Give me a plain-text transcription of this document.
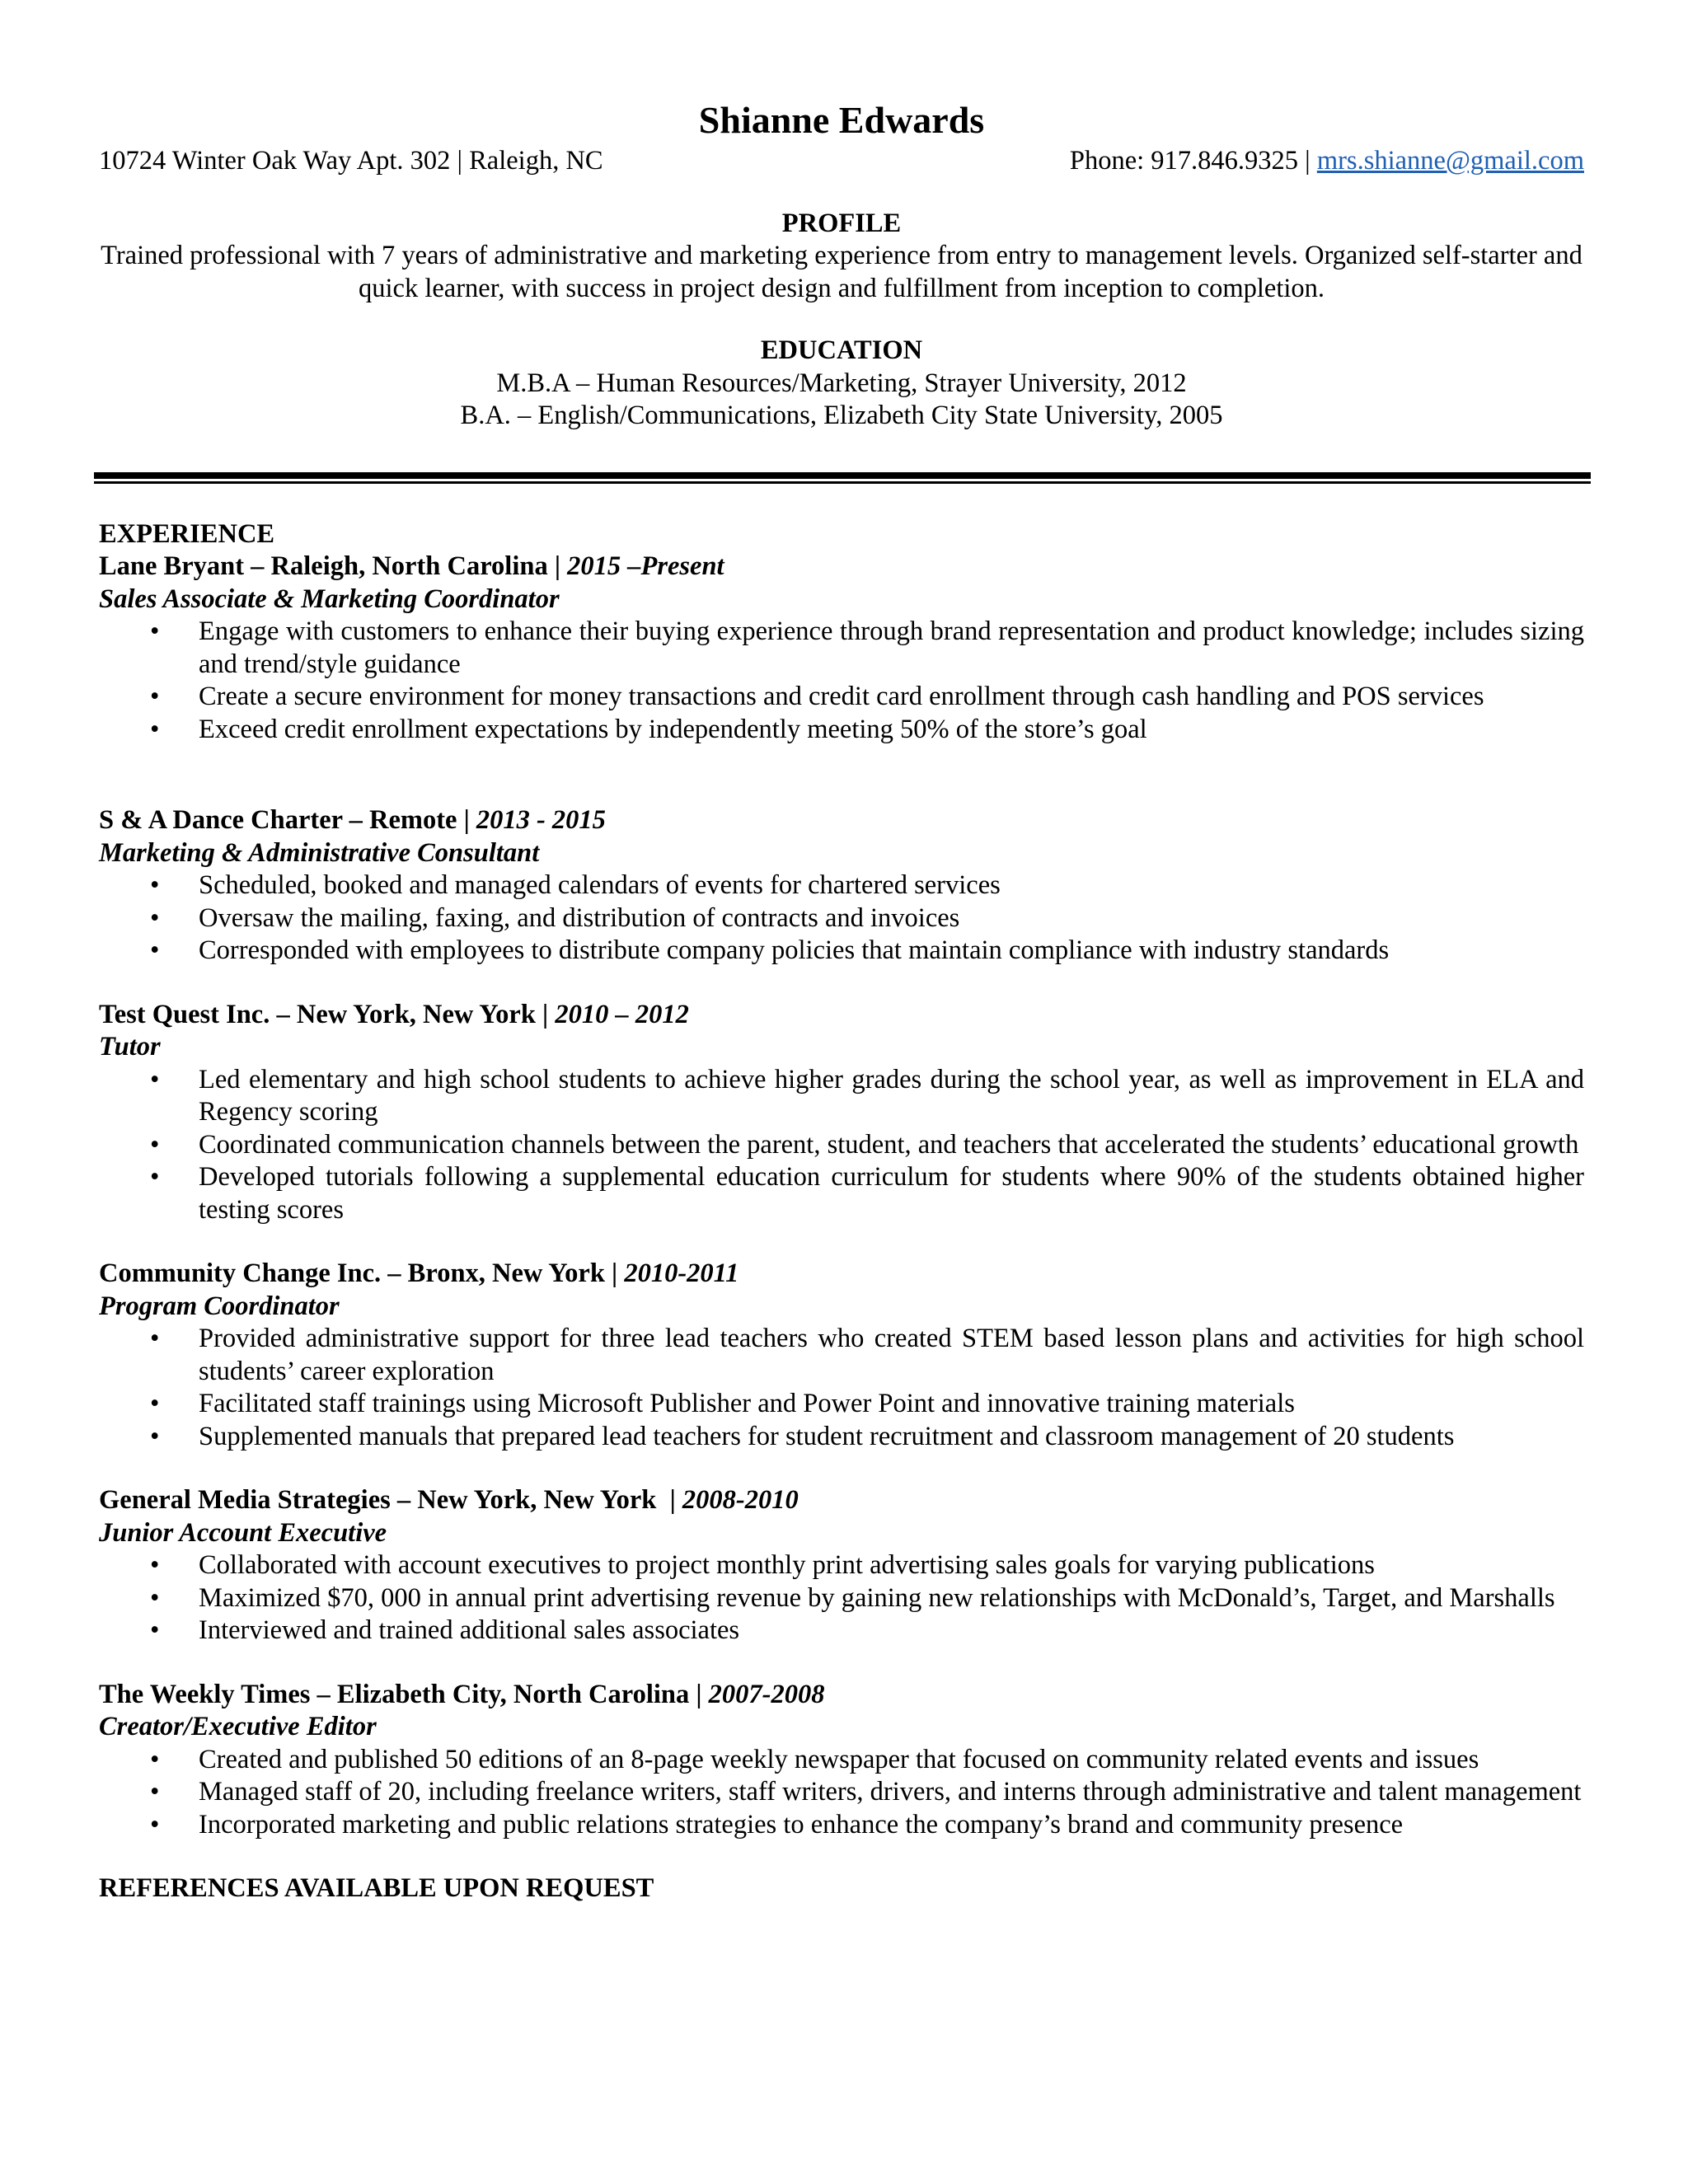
Shianne Edwards
10724 Winter Oak Way Apt. 302 | Raleigh, NC	Phone: 917.846.9325 | mrs.shianne@gmail.com
PROFILE

Trained professional with 7 years of administrative and marketing experience from entry to management levels. Organized self-starter and quick learner, with success in project design and fulfillment from inception to completion.

EDUCATION

M.B.A – Human Resources/Marketing, Strayer University, 2012

B.A. – English/Communications, Elizabeth City State University, 2005

EXPERIENCE

Lane Bryant – Raleigh, North Carolina | 2015 –Present

Sales Associate & Marketing Coordinator

• Engage with customers to enhance their buying experience through brand representation and product knowledge; includes sizing and trend/style guidance
• Create a secure environment for money transactions and credit card enrollment through cash handling and POS services
• Exceed credit enrollment expectations by independently meeting 50% of the store’s goal

S & A Dance Charter – Remote | 2013 - 2015

Marketing & Administrative Consultant

• Scheduled, booked and managed calendars of events for chartered services
• Oversaw the mailing, faxing, and distribution of contracts and invoices
• Corresponded with employees to distribute company policies that maintain compliance with industry standards

Test Quest Inc. – New York, New York | 2010 – 2012

Tutor

• Led elementary and high school students to achieve higher grades during the school year, as well as improvement in ELA and Regency scoring
• Coordinated communication channels between the parent, student, and teachers that accelerated the students’ educational growth
• Developed tutorials following a supplemental education curriculum for students where 90% of the students obtained higher testing scores

Community Change Inc. – Bronx, New York | 2010-2011

Program Coordinator

• Provided administrative support for three lead teachers who created STEM based lesson plans and activities for high school students’ career exploration
• Facilitated staff trainings using Microsoft Publisher and Power Point and innovative training materials
• Supplemented manuals that prepared lead teachers for student recruitment and classroom management of 20 students

General Media Strategies – New York, New York  | 2008-2010

Junior Account Executive

• Collaborated with account executives to project monthly print advertising sales goals for varying publications
• Maximized $70, 000 in annual print advertising revenue by gaining new relationships with McDonald’s, Target, and Marshalls
• Interviewed and trained additional sales associates

The Weekly Times – Elizabeth City, North Carolina | 2007-2008

Creator/Executive Editor

• Created and published 50 editions of an 8-page weekly newspaper that focused on community related events and issues
• Managed staff of 20, including freelance writers, staff writers, drivers, and interns through administrative and talent management
• Incorporated marketing and public relations strategies to enhance the company’s brand and community presence
REFERENCES AVAILABLE UPON REQUEST
